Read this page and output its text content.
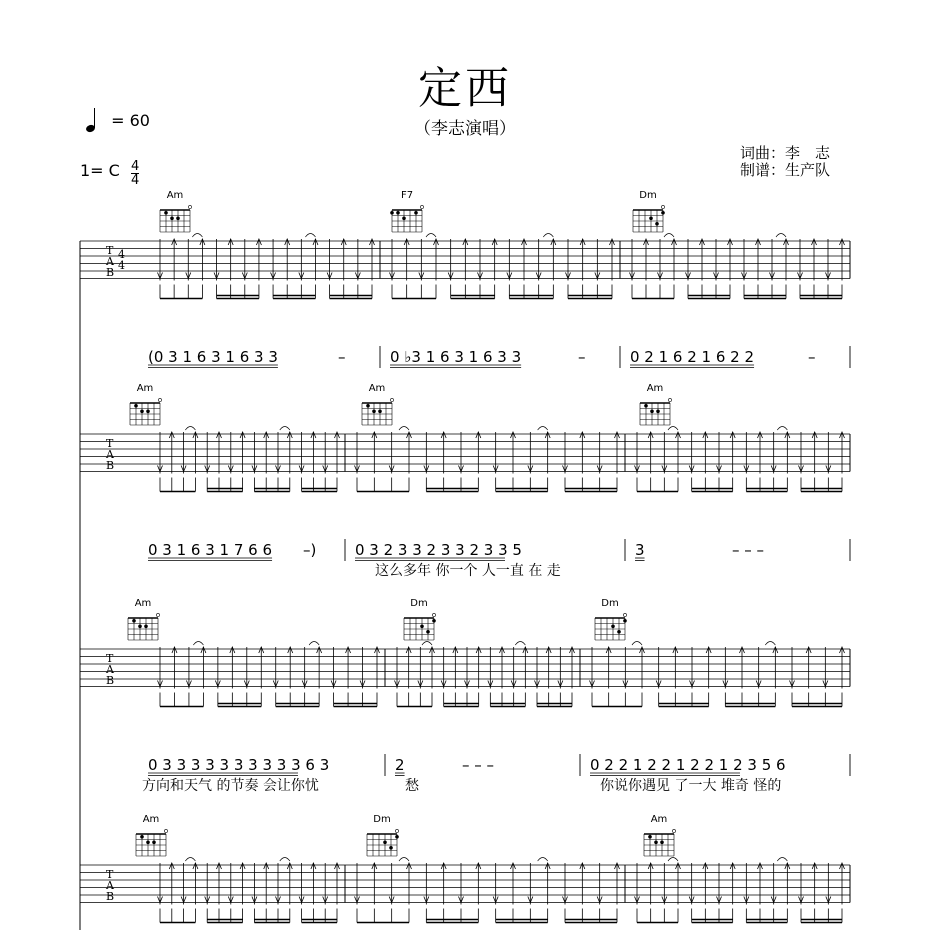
定西
（李志演唱）
= 60
1= C $\frac{4}{4}$
词曲：李　志
制谱：生产队
T
A
B
4
4
Am	F7	Dm
(0 3 1 6 3 1 6 3 3	–	0 ♭3 1 6 3 1 6 3 3	–	0 2 1 6 2 1 6 2 2	–
T
A
B
Am	Am	Am
0 3 1 6 3 1 7 6 6 –)	0 3 2 3 3 2 3 3 2 3 3 5
这么多年 你一个 人一直 在 走
3	– – –
T
A
B
Am	Dm	Dm
0 3 3 3 3 3 3 3 3 3 3 6 3
方向和天气 的节奏 会让你忧
2	– – –
愁
0 2 2 1 2 2 1 2 2 1 2 3 5 6
你说你遇见 了一大 堆奇 怪的
T
A
B
Am	Dm	Am
